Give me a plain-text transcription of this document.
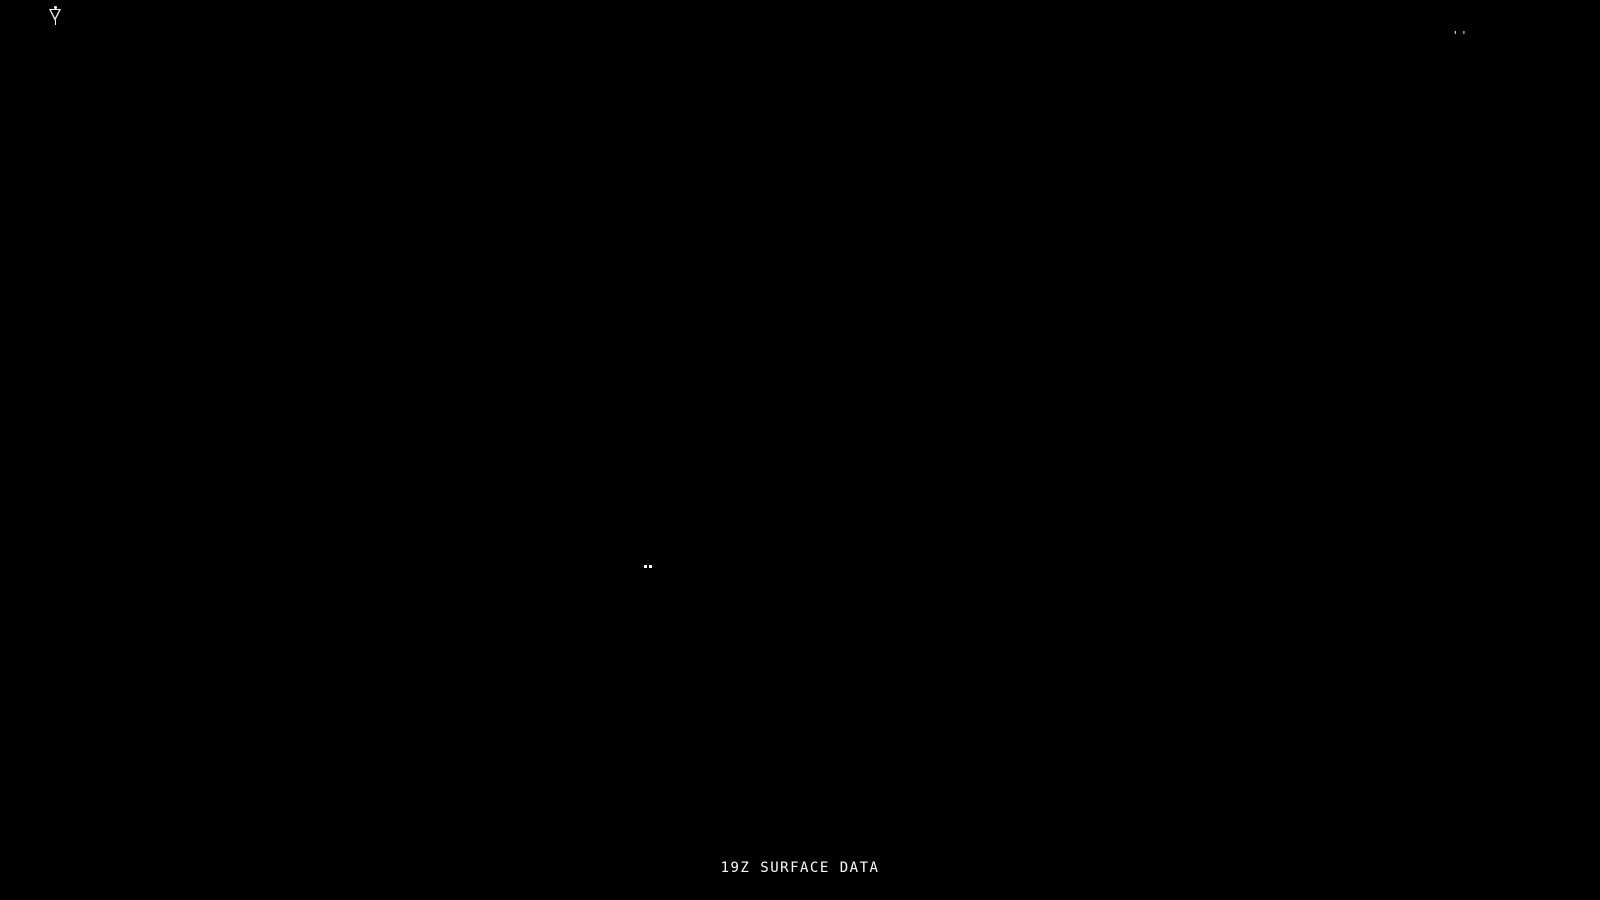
''
19Z SURFACE DATA
